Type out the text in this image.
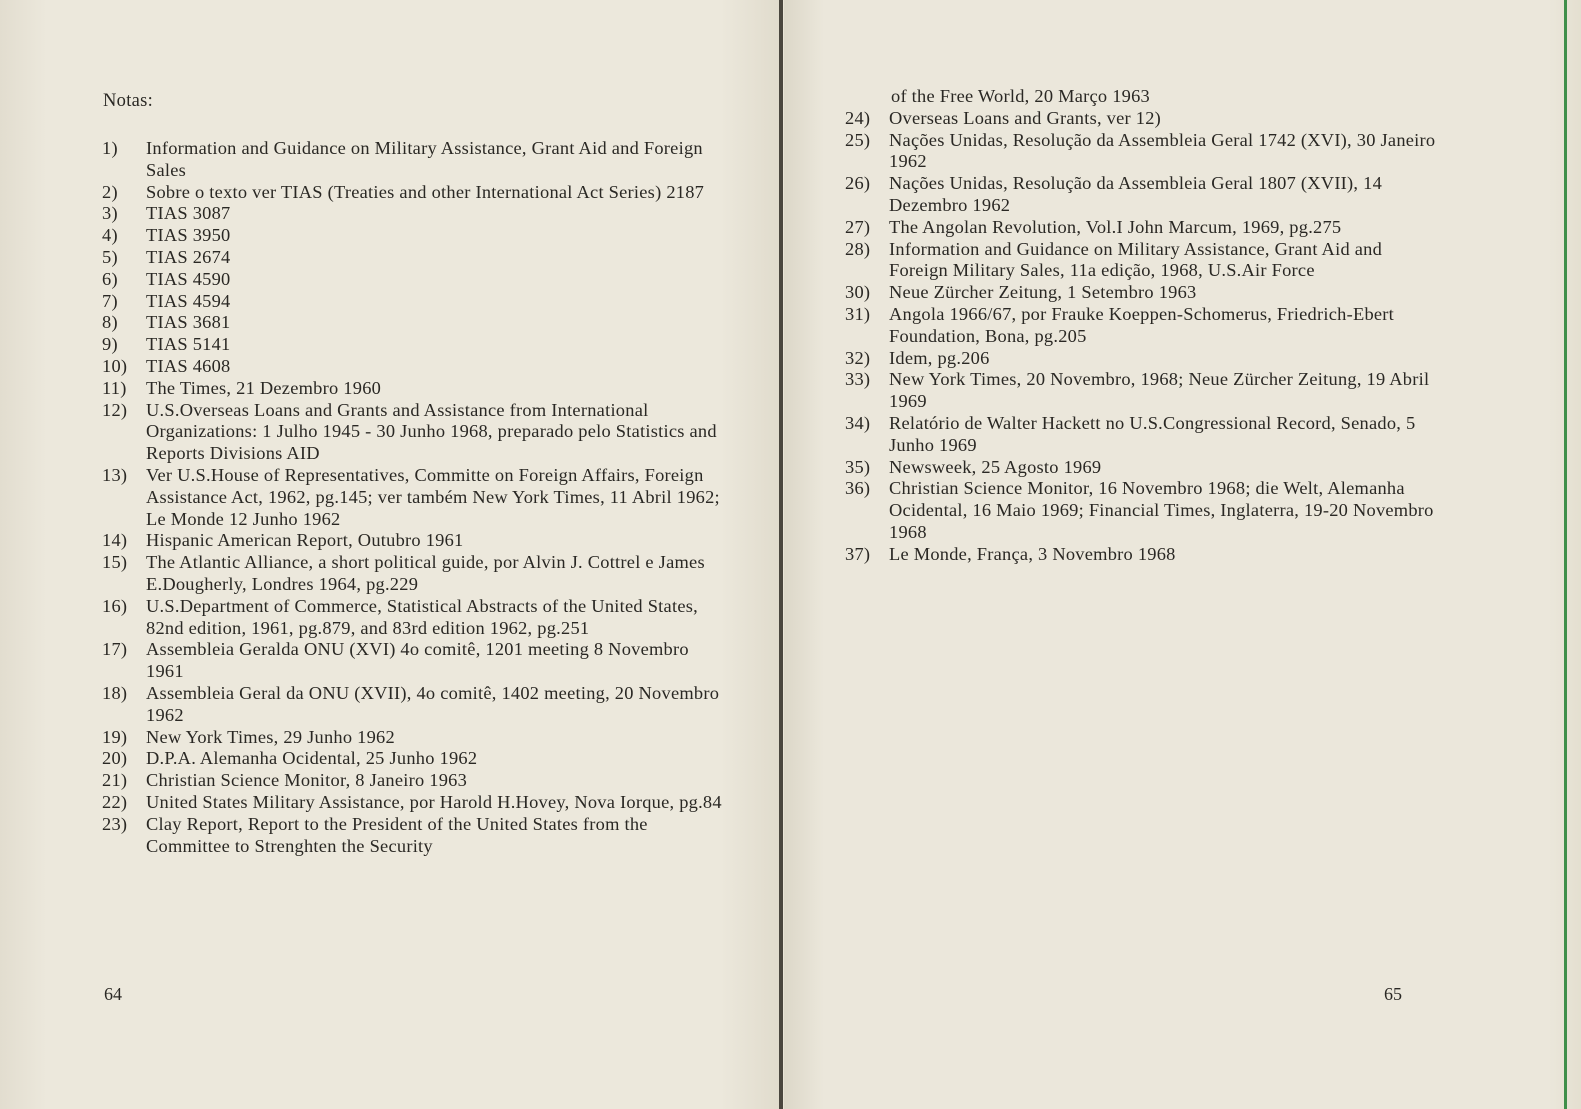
Notas:
1)	Information and Guidance on Military Assistance, Grant Aid and Foreign Sales
2)	Sobre o texto ver TIAS (Treaties and other International Act Series) 2187
3)	TIAS 3087
4)	TIAS 3950
5)	TIAS 2674
6)	TIAS 4590
7)	TIAS 4594
8)	TIAS 3681
9)	TIAS 5141
10)	TIAS 4608
11)	The Times, 21 Dezembro 1960
12)	U.S.Overseas Loans and Grants and Assistance from International Organizations: 1 Julho 1945 - 30 Junho 1968, preparado pelo Statistics and Reports Divisions AID
13)	Ver U.S.House of Representatives, Committe on Foreign Affairs, Foreign Assistance Act, 1962, pg.145; ver também New York Times, 11 Abril 1962; Le Monde 12 Junho 1962
14)	Hispanic American Report, Outubro 1961
15)	The Atlantic Alliance, a short political guide, por Alvin J. Cottrel e James E.Dougherly, Londres 1964, pg.229
16)	U.S.Department of Commerce, Statistical Abstracts of the United States, 82nd edition, 1961, pg.879, and 83rd edition 1962, pg.251
17)	Assembleia Geralda ONU (XVI) 4o comitê, 1201 meeting 8 Novembro 1961
18)	Assembleia Geral da ONU (XVII), 4o comitê, 1402 meeting, 20 Novembro 1962
19)	New York Times, 29 Junho 1962
20)	D.P.A. Alemanha Ocidental, 25 Junho 1962
21)	Christian Science Monitor, 8 Janeiro 1963
22)	United States Military Assistance, por Harold H.Hovey, Nova Iorque, pg.84
23)	Clay Report, Report to the President of the United States from the Committee to Strenghten the Security
64
of the Free World, 20 Março 1963
24)	Overseas Loans and Grants, ver 12)
25)	Nações Unidas, Resolução da Assembleia Geral 1742 (XVI), 30 Janeiro 1962
26)	Nações Unidas, Resolução da Assembleia Geral 1807 (XVII), 14 Dezembro 1962
27)	The Angolan Revolution, Vol.I John Marcum, 1969, pg.275
28)	Information and Guidance on Military Assistance, Grant Aid and Foreign Military Sales, 11a edição, 1968, U.S.Air Force
30)	Neue Zürcher Zeitung, 1 Setembro 1963
31)	Angola 1966/67, por Frauke Koeppen-Schomerus, Friedrich-Ebert Foundation, Bona, pg.205
32)	Idem, pg.206
33)	New York Times, 20 Novembro, 1968; Neue Zürcher Zeitung, 19 Abril 1969
34)	Relatório de Walter Hackett no U.S.Congressional Record, Senado, 5 Junho 1969
35)	Newsweek, 25 Agosto 1969
36)	Christian Science Monitor, 16 Novembro 1968; die Welt, Alemanha Ocidental, 16 Maio 1969; Financial Times, Inglaterra, 19-20 Novembro 1968
37)	Le Monde, França, 3 Novembro 1968
65
